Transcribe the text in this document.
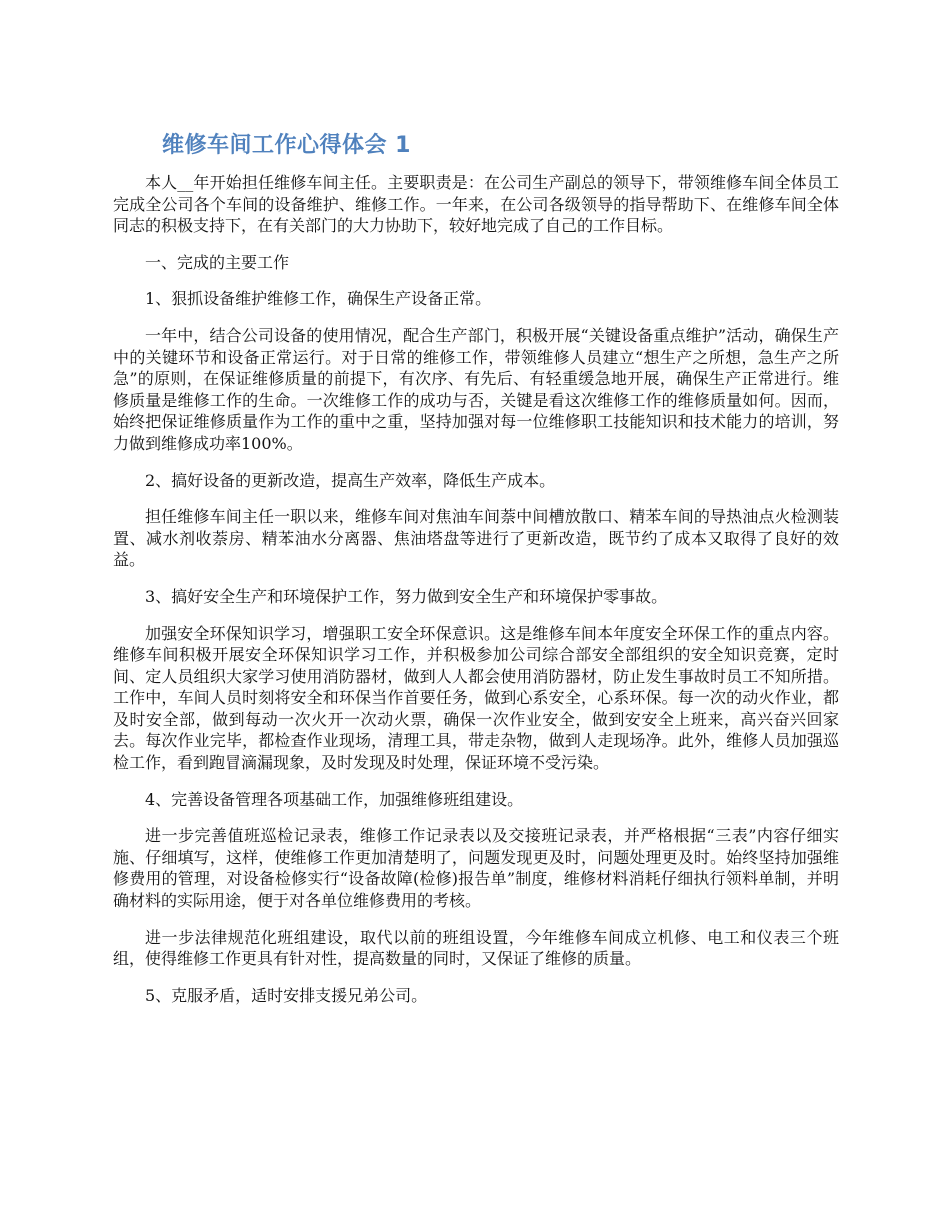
维修车间工作心得体会 1

本人__年开始担任维修车间主任。主要职责是：在公司生产副总的领导下，带领维修车间全体员工完成全公司各个车间的设备维护、维修工作。一年来，在公司各级领导的指导帮助下、在维修车间全体同志的积极支持下，在有关部门的大力协助下，较好地完成了自己的工作目标。

一、完成的主要工作

1、狠抓设备维护维修工作，确保生产设备正常。

一年中，结合公司设备的使用情况，配合生产部门，积极开展“关键设备重点维护”活动，确保生产中的关键环节和设备正常运行。对于日常的维修工作，带领维修人员建立“想生产之所想，急生产之所急”的原则，在保证维修质量的前提下，有次序、有先后、有轻重缓急地开展，确保生产正常进行。维修质量是维修工作的生命。一次维修工作的成功与否，关键是看这次维修工作的维修质量如何。因而，始终把保证维修质量作为工作的重中之重，坚持加强对每一位维修职工技能知识和技术能力的培训，努力做到维修成功率100%。

2、搞好设备的更新改造，提高生产效率，降低生产成本。

担任维修车间主任一职以来，维修车间对焦油车间萘中间槽放散口、精苯车间的导热油点火检测装置、减水剂收萘房、精苯油水分离器、焦油塔盘等进行了更新改造，既节约了成本又取得了良好的效益。

3、搞好安全生产和环境保护工作，努力做到安全生产和环境保护零事故。

加强安全环保知识学习，增强职工安全环保意识。这是维修车间本年度安全环保工作的重点内容。维修车间积极开展安全环保知识学习工作，并积极参加公司综合部安全部组织的安全知识竞赛，定时间、定人员组织大家学习使用消防器材，做到人人都会使用消防器材，防止发生事故时员工不知所措。工作中，车间人员时刻将安全和环保当作首要任务，做到心系安全，心系环保。每一次的动火作业，都及时安全部，做到每动一次火开一次动火票，确保一次作业安全，做到安安全上班来，高兴奋兴回家去。每次作业完毕，都检查作业现场，清理工具，带走杂物，做到人走现场净。此外，维修人员加强巡检工作，看到跑冒滴漏现象，及时发现及时处理，保证环境不受污染。

4、完善设备管理各项基础工作，加强维修班组建设。

进一步完善值班巡检记录表，维修工作记录表以及交接班记录表，并严格根据“三表”内容仔细实施、仔细填写，这样，使维修工作更加清楚明了，问题发现更及时，问题处理更及时。始终坚持加强维修费用的管理，对设备检修实行“设备故障(检修)报告单”制度，维修材料消耗仔细执行领料单制，并明确材料的实际用途，便于对各单位维修费用的考核。

进一步法律规范化班组建设，取代以前的班组设置，今年维修车间成立机修、电工和仪表三个班组，使得维修工作更具有针对性，提高数量的同时，又保证了维修的质量。

5、克服矛盾，适时安排支援兄弟公司。
